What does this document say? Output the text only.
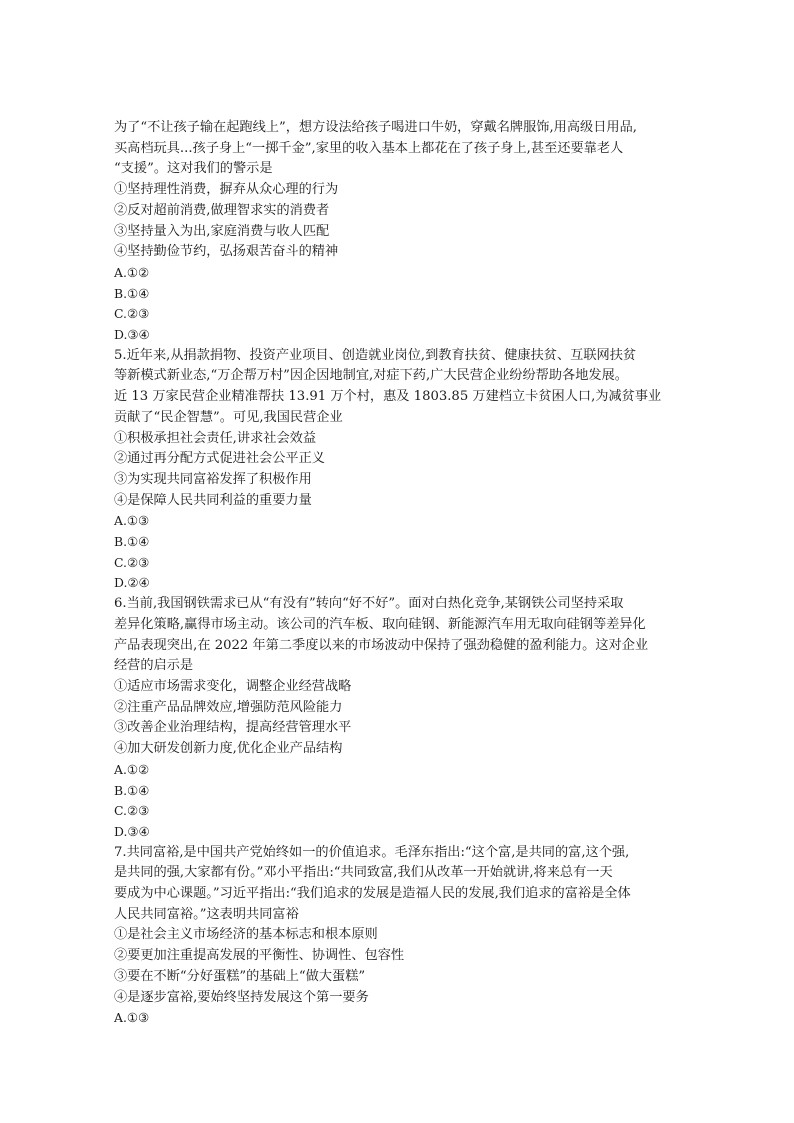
为了“不让孩子输在起跑线上”，想方设法给孩子喝进口牛奶，穿戴名牌服饰,用高级日用品,
买高档玩具...孩子身上“一掷千金”,家里的收入基本上都花在了孩子身上,甚至还要靠老人
“支援”。这对我们的警示是
①坚持理性消费，摒弃从众心理的行为
②反对超前消费,做理智求实的消费者
③坚持量入为出,家庭消费与收人匹配
④坚持勤俭节约，弘扬艰苦奋斗的精神
A.①②
B.①④
C.②③
D.③④
5.近年来,从捐款捐物、投资产业项目、创造就业岗位,到教育扶贫、健康扶贫、互联网扶贫
等新模式新业态,“万企帮万村”因企因地制宜,对症下药,广大民营企业纷纷帮助各地发展。
近 13 万家民营企业精准帮扶 13.91 万个村，惠及 1803.85 万建档立卡贫困人口,为减贫事业
贡献了“民企智慧”。可见,我国民营企业
①积极承担社会责任,讲求社会效益
②通过再分配方式促进社会公平正义
③为实现共同富裕发挥了积极作用
④是保障人民共同利益的重要力量
A.①③
B.①④
C.②③
D.②④
6.当前,我国钢铁需求已从“有没有”转向“好不好”。面对白热化竞争,某钢铁公司坚持采取
差异化策略,赢得市场主动。该公司的汽车板、取向硅钢、新能源汽车用无取向硅钢等差异化
产品表现突出,在 2022 年第二季度以来的市场波动中保持了强劲稳健的盈利能力。这对企业
经营的启示是
①适应市场需求变化，调整企业经营战略
②注重产品品牌效应,增强防范风险能力
③改善企业治理结构，提高经营管理水平
④加大研发创新力度,优化企业产品结构
A.①②
B.①④
C.②③
D.③④
7.共同富裕,是中国共产党始终如一的价值追求。毛泽东指出:“这个富,是共同的富,这个强,
是共同的强,大家都有份。”邓小平指出:“共同致富,我们从改革一开始就讲,将来总有一天
要成为中心课题。”习近平指出:“我们追求的发展是造福人民的发展,我们追求的富裕是全体
人民共同富裕。”这表明共同富裕
①是社会主义市场经济的基本标志和根本原则
②要更加注重提高发展的平衡性、协调性、包容性
③要在不断“分好蛋糕”的基础上“做大蛋糕”
④是逐步富裕,要始终坚持发展这个第一要务
A.①③
